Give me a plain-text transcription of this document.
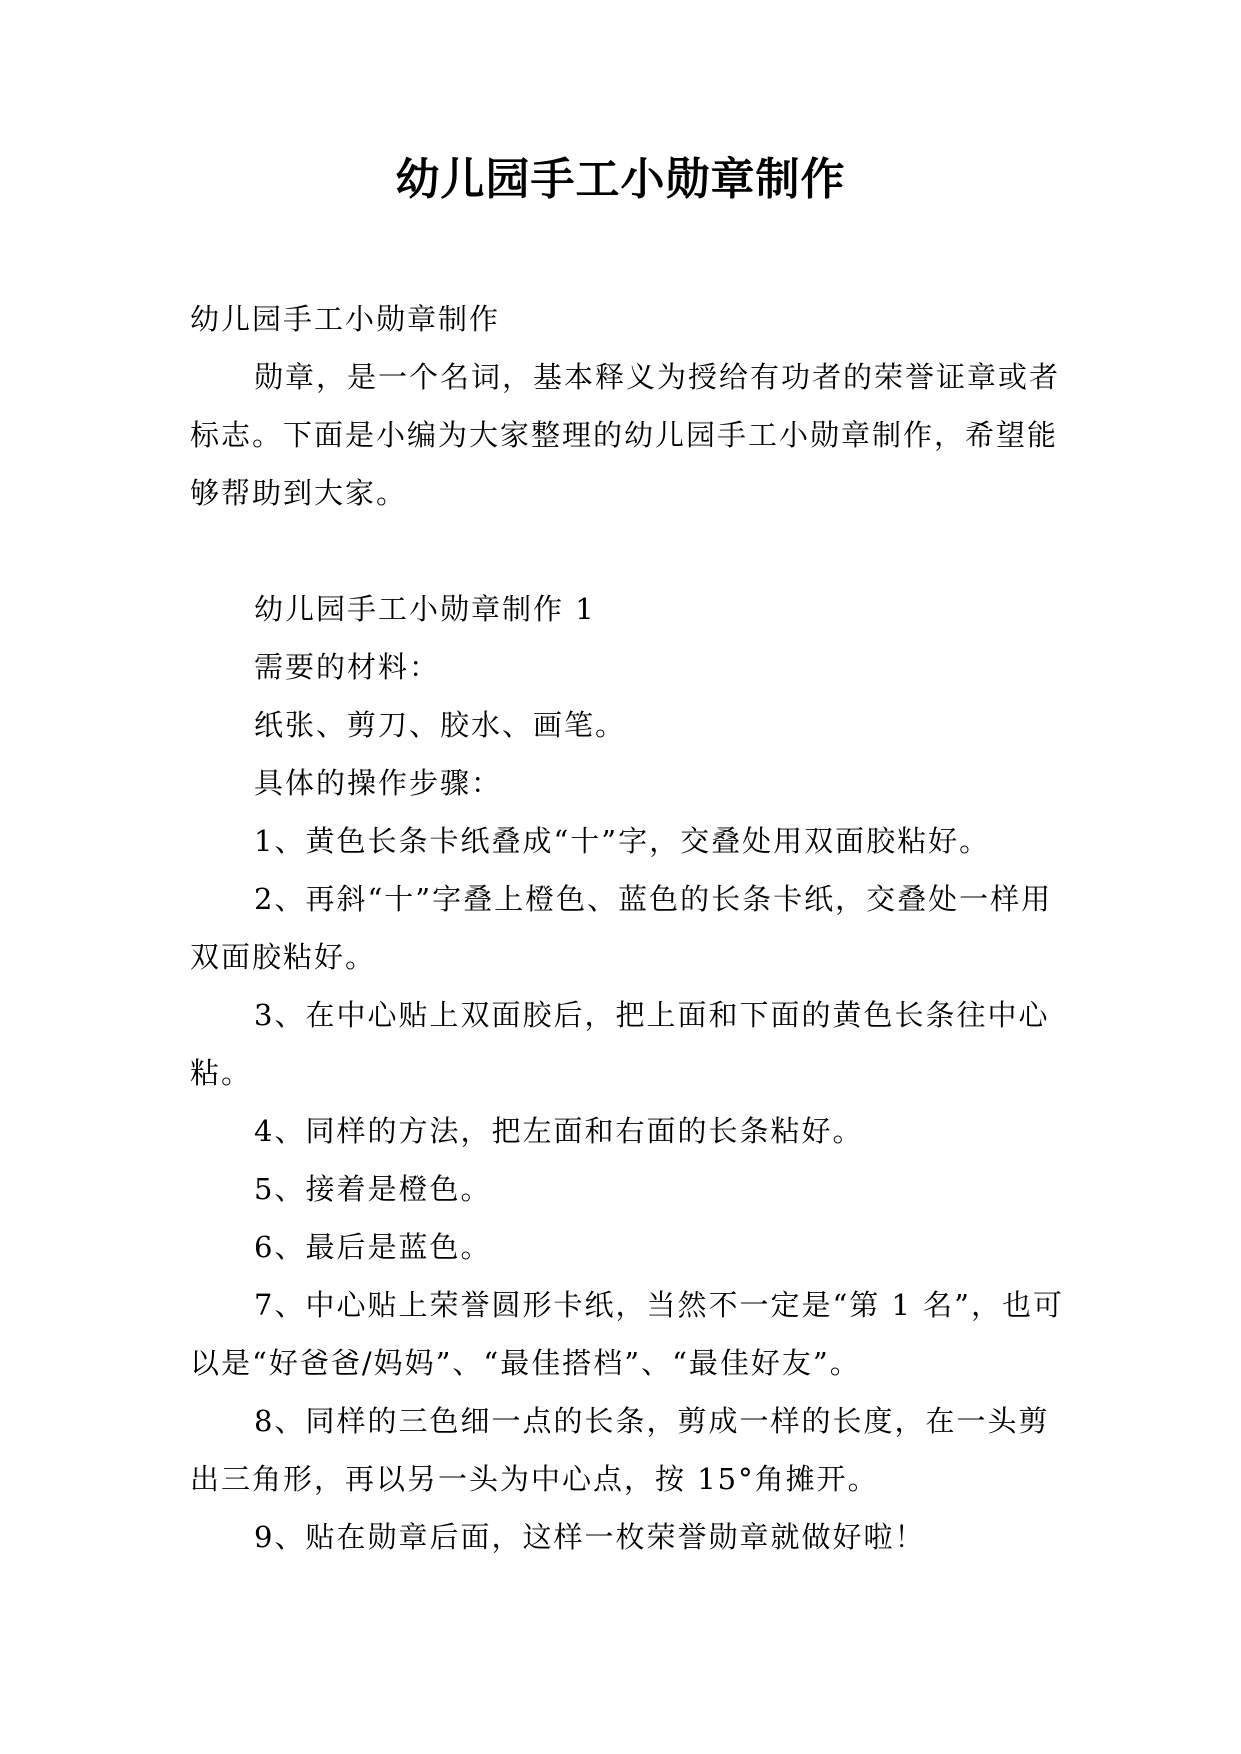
幼儿园手工小勋章制作

幼儿园手工小勋章制作

勋章，是一个名词，基本释义为授给有功者的荣誉证章或者标志。下面是小编为大家整理的幼儿园手工小勋章制作，希望能够帮助到大家。

幼儿园手工小勋章制作 1

需要的材料：

纸张、剪刀、胶水、画笔。

具体的操作步骤：

1、黄色长条卡纸叠成“十”字，交叠处用双面胶粘好。

2、再斜“十”字叠上橙色、蓝色的长条卡纸，交叠处一样用双面胶粘好。

3、在中心贴上双面胶后，把上面和下面的黄色长条往中心粘。

4、同样的方法，把左面和右面的长条粘好。

5、接着是橙色。

6、最后是蓝色。

7、中心贴上荣誉圆形卡纸，当然不一定是“第 1 名”，也可以是“好爸爸/妈妈”、“最佳搭档”、“最佳好友”。

8、同样的三色细一点的长条，剪成一样的长度，在一头剪出三角形，再以另一头为中心点，按 15°角摊开。

9、贴在勋章后面，这样一枚荣誉勋章就做好啦！
